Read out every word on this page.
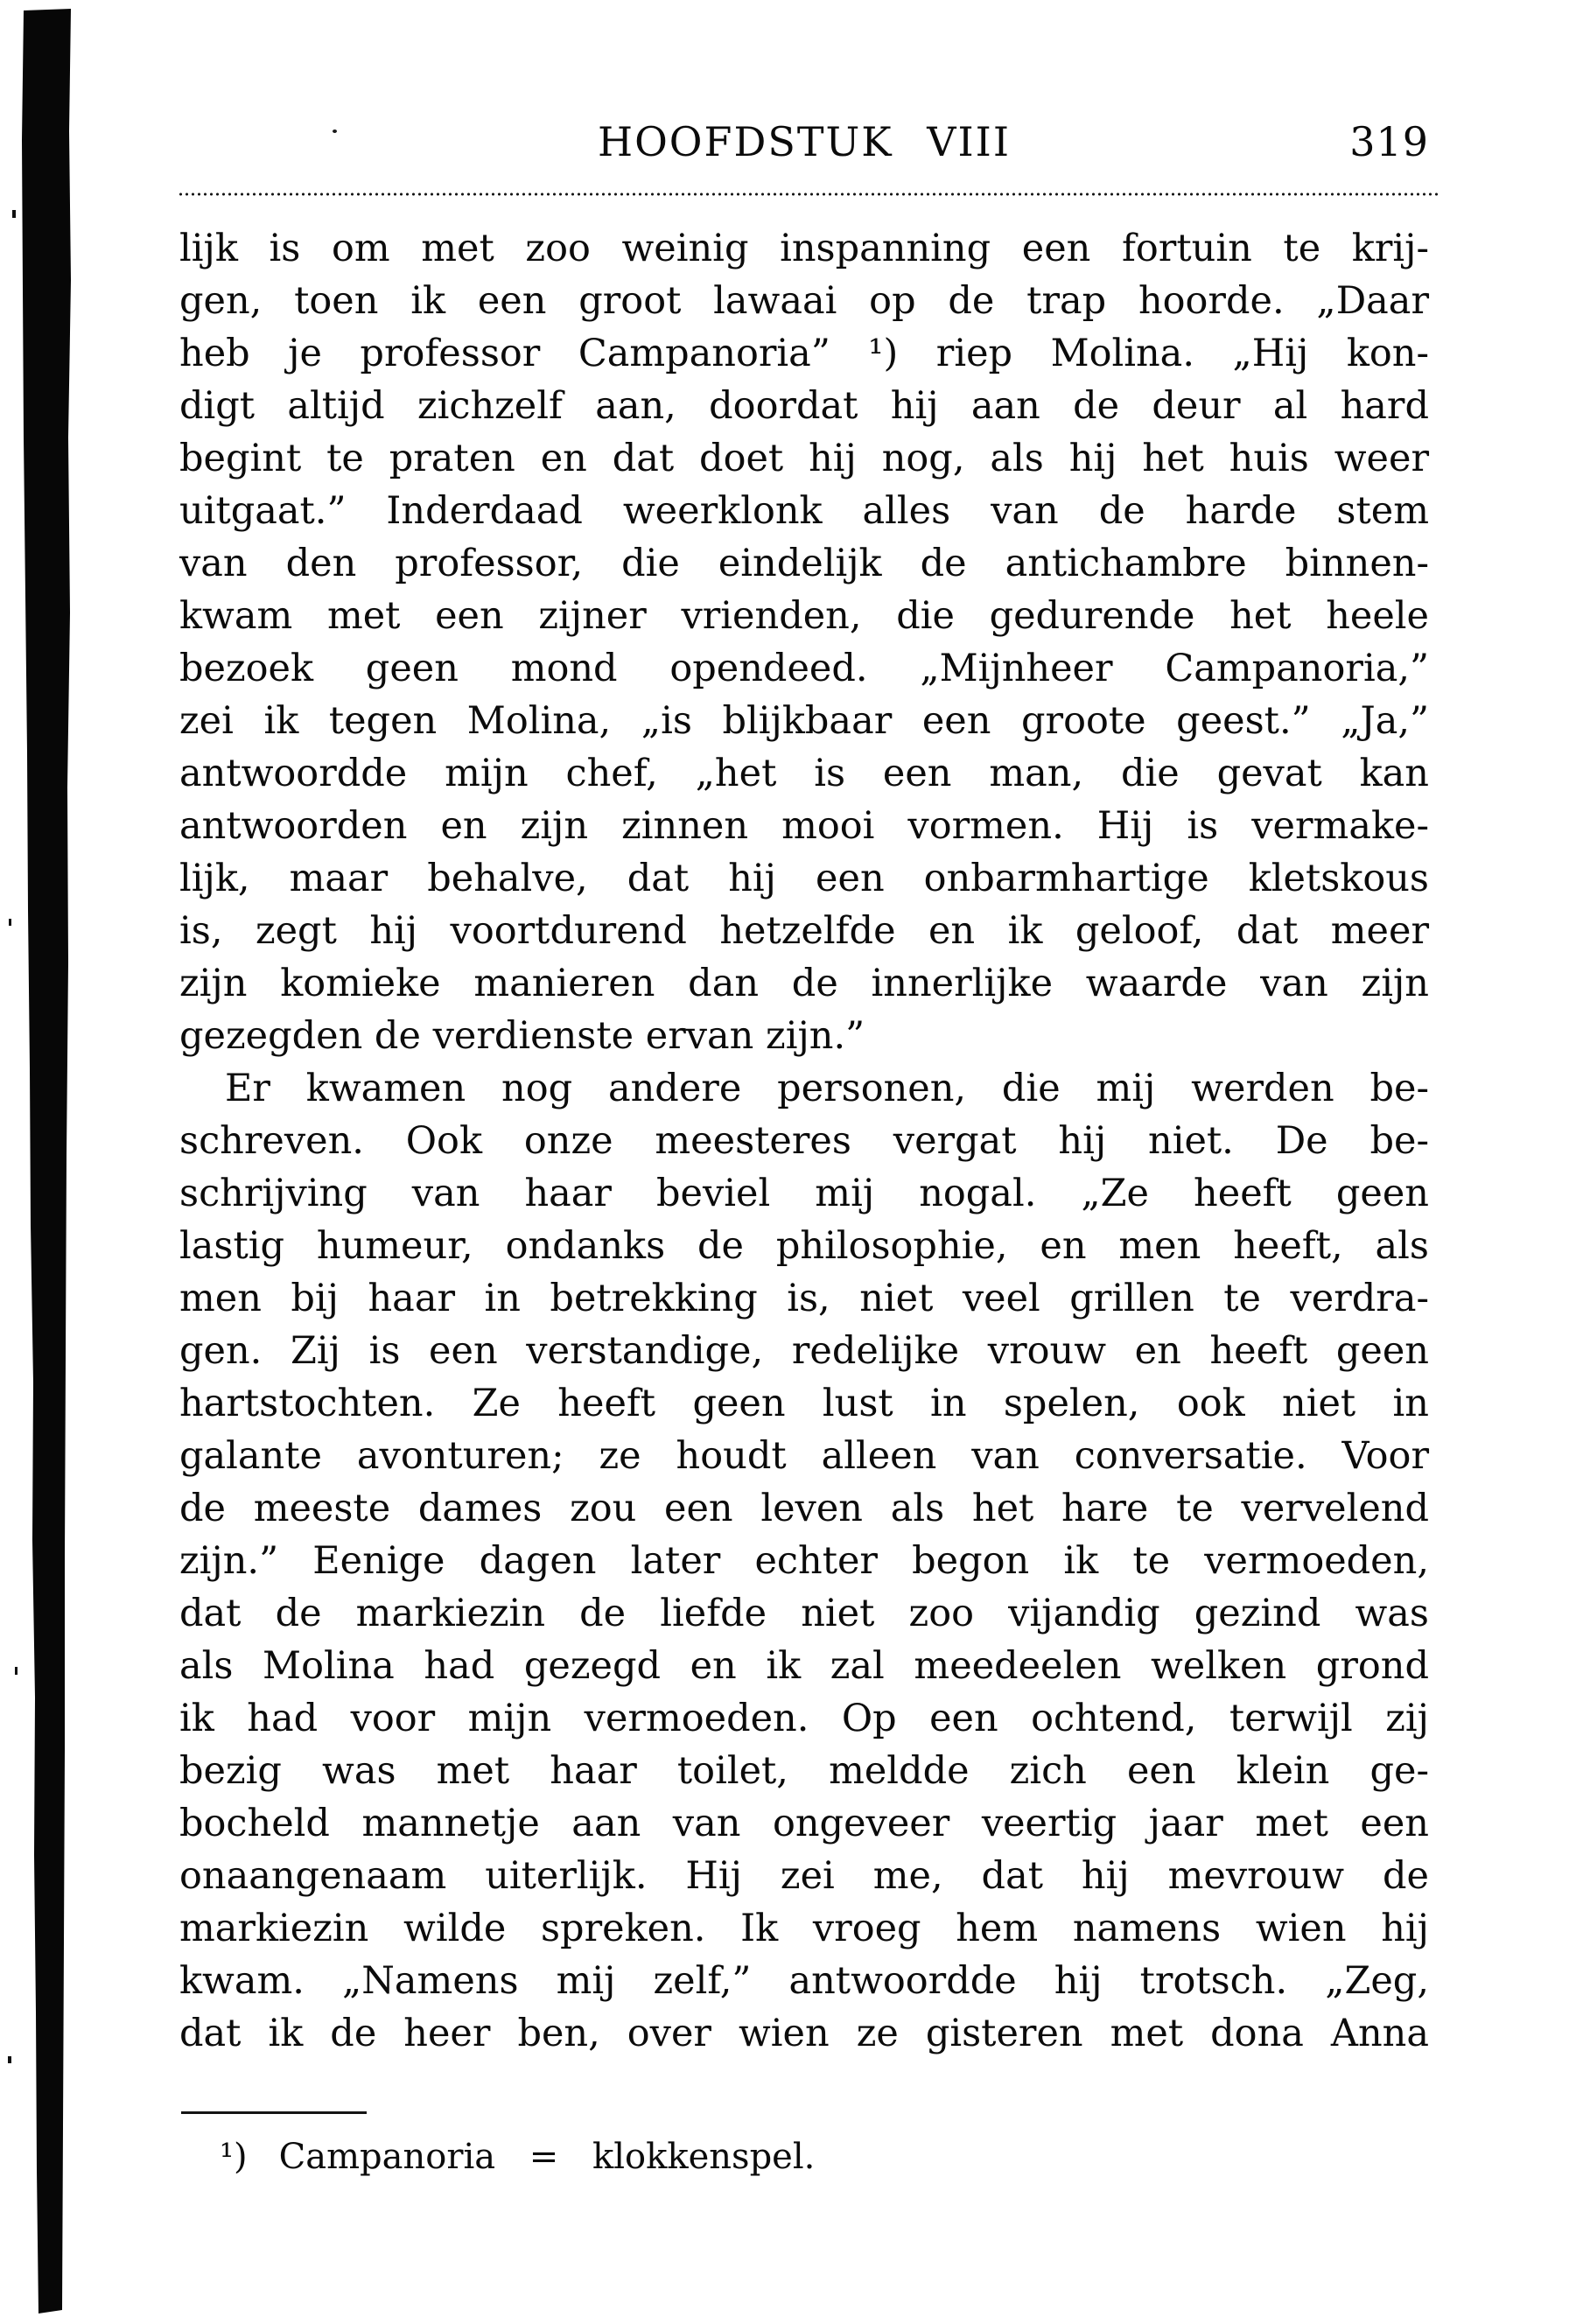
HOOFDSTUK VIII	319
lijk is om met zoo weinig inspanning een fortuin te krij-
gen, toen ik een groot lawaai op de trap hoorde. „Daar
heb je professor Campanoria” ¹) riep Molina. „Hij kon-
digt altijd zichzelf aan, doordat hij aan de deur al hard
begint te praten en dat doet hij nog, als hij het huis weer
uitgaat.” Inderdaad weerklonk alles van de harde stem
van den professor, die eindelijk de antichambre binnen-
kwam met een zijner vrienden, die gedurende het heele
bezoek geen mond opendeed. „Mijnheer Campanoria,”
zei ik tegen Molina, „is blijkbaar een groote geest.” „Ja,”
antwoordde mijn chef, „het is een man, die gevat kan
antwoorden en zijn zinnen mooi vormen. Hij is vermake-
lijk, maar behalve, dat hij een onbarmhartige kletskous
is, zegt hij voortdurend hetzelfde en ik geloof, dat meer
zijn komieke manieren dan de innerlijke waarde van zijn
gezegden de verdienste ervan zijn.”
Er kwamen nog andere personen, die mij werden be-
schreven. Ook onze meesteres vergat hij niet. De be-
schrijving van haar beviel mij nogal. „Ze heeft geen
lastig humeur, ondanks de philosophie, en men heeft, als
men bij haar in betrekking is, niet veel grillen te verdra-
gen. Zij is een verstandige, redelijke vrouw en heeft geen
hartstochten. Ze heeft geen lust in spelen, ook niet in
galante avonturen; ze houdt alleen van conversatie. Voor
de meeste dames zou een leven als het hare te vervelend
zijn.” Eenige dagen later echter begon ik te vermoeden,
dat de markiezin de liefde niet zoo vijandig gezind was
als Molina had gezegd en ik zal meedeelen welken grond
ik had voor mijn vermoeden. Op een ochtend, terwijl zij
bezig was met haar toilet, meldde zich een klein ge-
bocheld mannetje aan van ongeveer veertig jaar met een
onaangenaam uiterlijk. Hij zei me, dat hij mevrouw de
markiezin wilde spreken. Ik vroeg hem namens wien hij
kwam. „Namens mij zelf,” antwoordde hij trotsch. „Zeg,
dat ik de heer ben, over wien ze gisteren met dona Anna
¹) Campanoria = klokkenspel.
